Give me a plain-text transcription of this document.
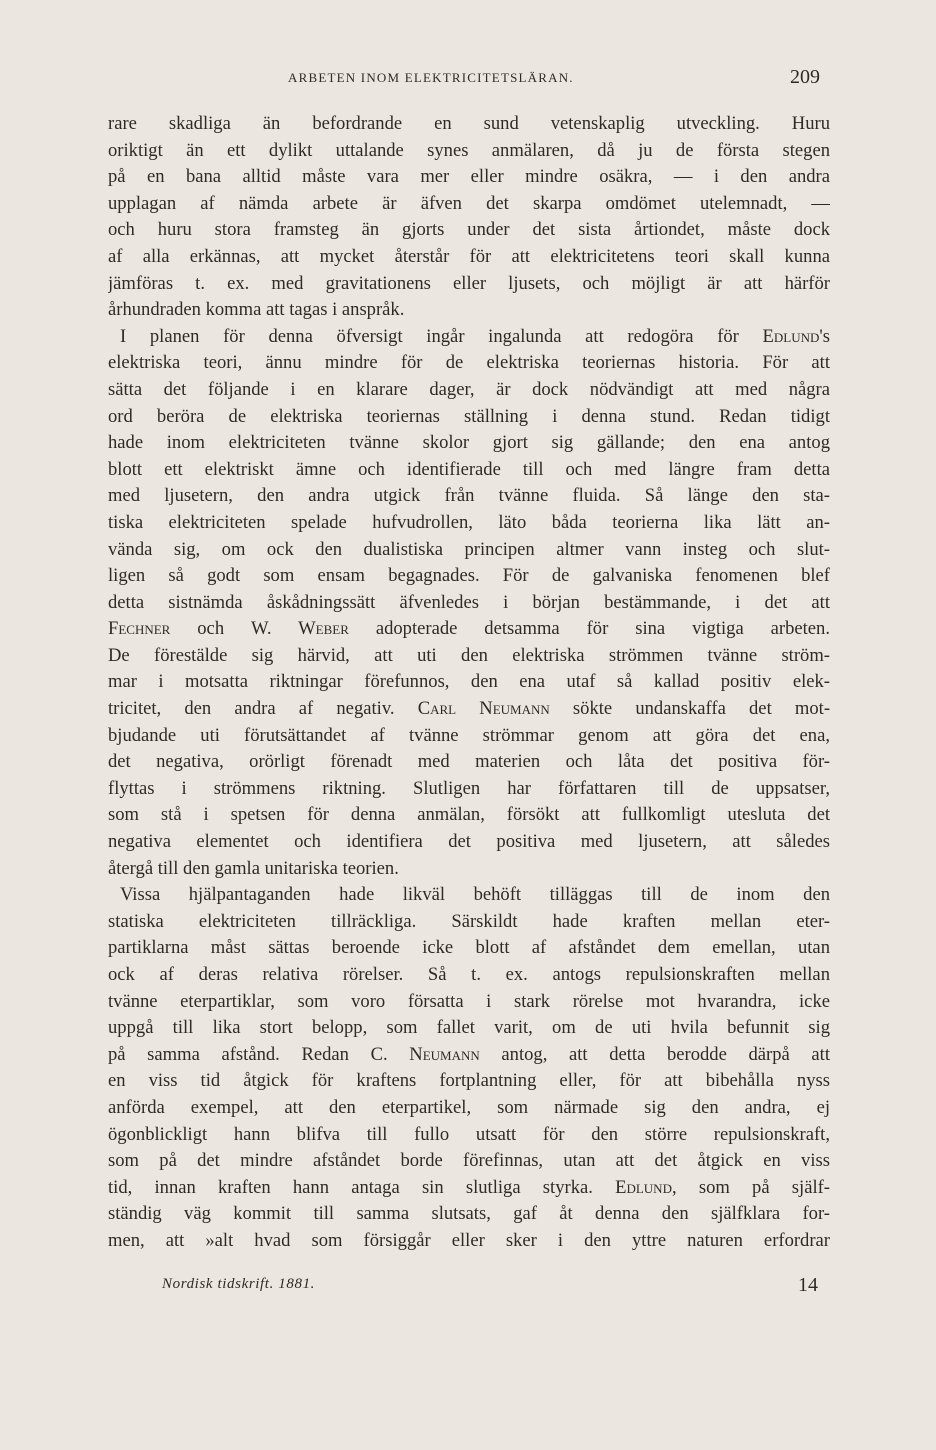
ARBETEN INOM ELEKTRICITETSLÄRAN.	209
rare skadliga än befordrande en sund vetenskaplig utveckling. Huru
oriktigt än ett dylikt uttalande synes anmälaren, då ju de första stegen
på en bana alltid måste vara mer eller mindre osäkra, — i den andra
upplagan af nämda arbete är äfven det skarpa omdömet utelemnadt, —
och huru stora framsteg än gjorts under det sista årtiondet, måste dock
af alla erkännas, att mycket återstår för att elektricitetens teori skall kunna
jämföras t. ex. med gravitationens eller ljusets, och möjligt är att härför
århundraden komma att tagas i anspråk.
I planen för denna öfversigt ingår ingalunda att redogöra för Edlund's
elektriska teori, ännu mindre för de elektriska teoriernas historia. För att
sätta det följande i en klarare dager, är dock nödvändigt att med några
ord beröra de elektriska teoriernas ställning i denna stund. Redan tidigt
hade inom elektriciteten tvänne skolor gjort sig gällande; den ena antog
blott ett elektriskt ämne och identifierade till och med längre fram detta
med ljusetern, den andra utgick från tvänne fluida. Så länge den sta-
tiska elektriciteten spelade hufvudrollen, läto båda teorierna lika lätt an-
vända sig, om ock den dualistiska principen altmer vann insteg och slut-
ligen så godt som ensam begagnades. För de galvaniska fenomenen blef
detta sistnämda åskådningssätt äfvenledes i början bestämmande, i det att
Fechner och W. Weber adopterade detsamma för sina vigtiga arbeten.
De förestälde sig härvid, att uti den elektriska strömmen tvänne ström-
mar i motsatta riktningar förefunnos, den ena utaf så kallad positiv elek-
tricitet, den andra af negativ. Carl Neumann sökte undanskaffa det mot-
bjudande uti förutsättandet af tvänne strömmar genom att göra det ena,
det negativa, orörligt förenadt med materien och låta det positiva för-
flyttas i strömmens riktning. Slutligen har författaren till de uppsatser,
som stå i spetsen för denna anmälan, försökt att fullkomligt utesluta det
negativa elementet och identifiera det positiva med ljusetern, att således
återgå till den gamla unitariska teorien.
Vissa hjälpantaganden hade likväl behöft tilläggas till de inom den
statiska elektriciteten tillräckliga. Särskildt hade kraften mellan eter-
partiklarna måst sättas beroende icke blott af afståndet dem emellan, utan
ock af deras relativa rörelser. Så t. ex. antogs repulsionskraften mellan
tvänne eterpartiklar, som voro försatta i stark rörelse mot hvarandra, icke
uppgå till lika stort belopp, som fallet varit, om de uti hvila befunnit sig
på samma afstånd. Redan C. Neumann antog, att detta berodde därpå att
en viss tid åtgick för kraftens fortplantning eller, för att bibehålla nyss
anförda exempel, att den eterpartikel, som närmade sig den andra, ej
ögonblickligt hann blifva till fullo utsatt för den större repulsionskraft,
som på det mindre afståndet borde förefinnas, utan att det åtgick en viss
tid, innan kraften hann antaga sin slutliga styrka. Edlund, som på själf-
ständig väg kommit till samma slutsats, gaf åt denna den själfklara for-
men, att »alt hvad som försiggår eller sker i den yttre naturen erfordrar
Nordisk tidskrift. 1881.	14
